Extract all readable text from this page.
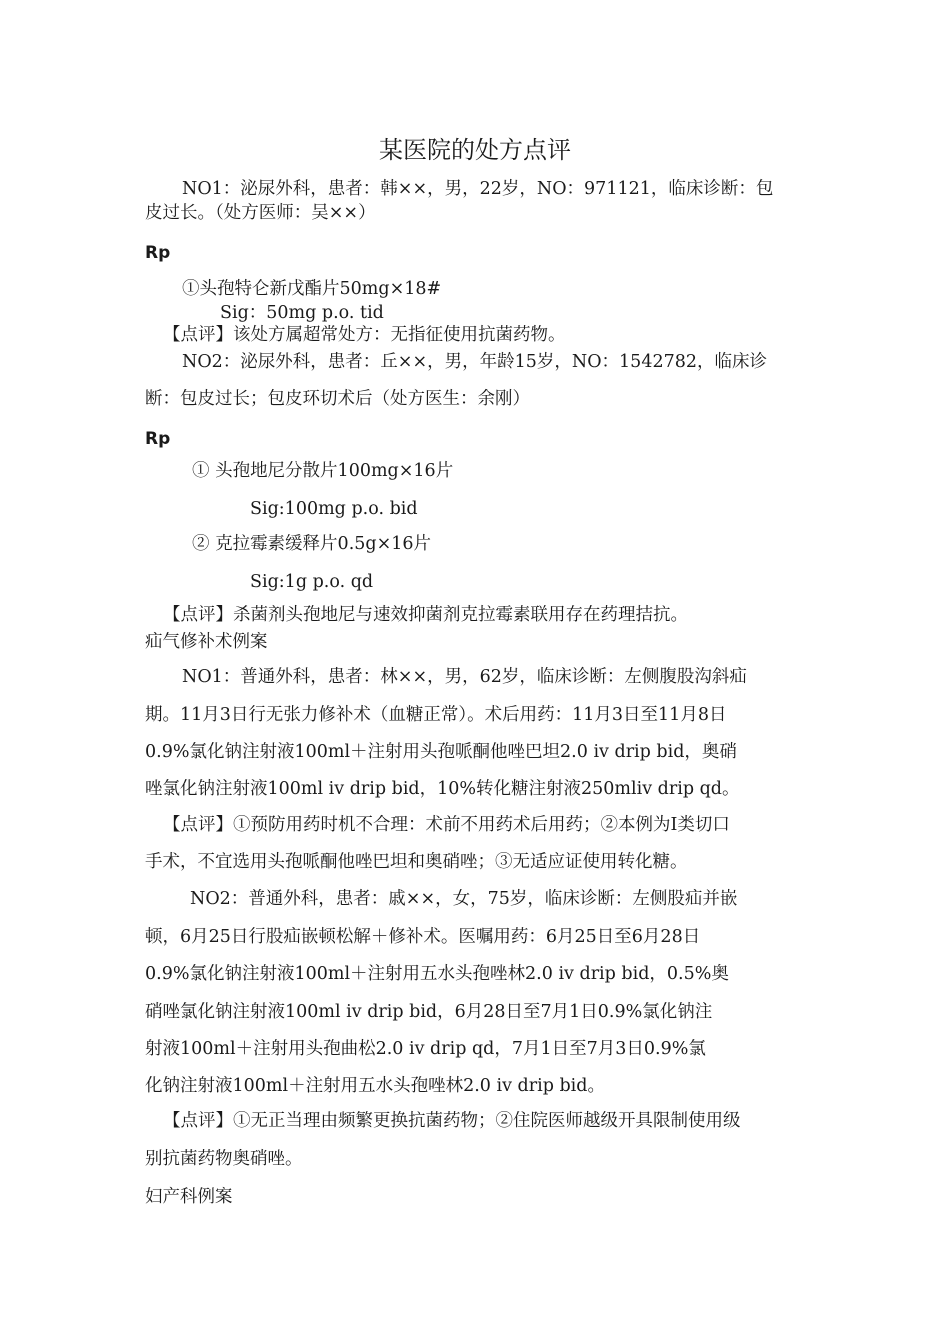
某医院的处方点评
NO1：泌尿外科，患者：韩××，男，22岁，NO：971121，临床诊断：包
皮过长。（处方医师：吴××）
Rp
①头孢特仑新戊酯片50mg×18#
Sig：50mg p.o. tid
【点评】该处方属超常处方：无指征使用抗菌药物。
NO2：泌尿外科，患者：丘××，男，年龄15岁，NO：1542782，临床诊
断：包皮过长；包皮环切术后（处方医生：余刚）
Rp
① 头孢地尼分散片100mg×16片
Sig:100mg p.o. bid
② 克拉霉素缓释片0.5g×16片
Sig:1g p.o. qd
【点评】杀菌剂头孢地尼与速效抑菌剂克拉霉素联用存在药理拮抗。
疝气修补术例案
NO1：普通外科，患者：林××，男，62岁，临床诊断：左侧腹股沟斜疝
期。11月3日行无张力修补术（血糖正常）。术后用药：11月3日至11月8日
0.9%氯化钠注射液100ml＋注射用头孢哌酮他唑巴坦2.0 iv drip bid，奥硝
唑氯化钠注射液100ml iv drip bid，10%转化糖注射液250mliv drip qd。
【点评】①预防用药时机不合理：术前不用药术后用药；②本例为Ⅰ类切口
手术，不宜选用头孢哌酮他唑巴坦和奥硝唑；③无适应证使用转化糖。
NO2：普通外科，患者：戚××，女，75岁，临床诊断：左侧股疝并嵌
顿，6月25日行股疝嵌顿松解＋修补术。医嘱用药：6月25日至6月28日
0.9%氯化钠注射液100ml＋注射用五水头孢唑林2.0 iv drip bid，0.5%奥
硝唑氯化钠注射液100ml iv drip bid，6月28日至7月1日0.9%氯化钠注
射液100ml＋注射用头孢曲松2.0 iv drip qd，7月1日至7月3日0.9%氯
化钠注射液100ml＋注射用五水头孢唑林2.0 iv drip bid。
【点评】①无正当理由频繁更换抗菌药物；②住院医师越级开具限制使用级
别抗菌药物奥硝唑。
妇产科例案
